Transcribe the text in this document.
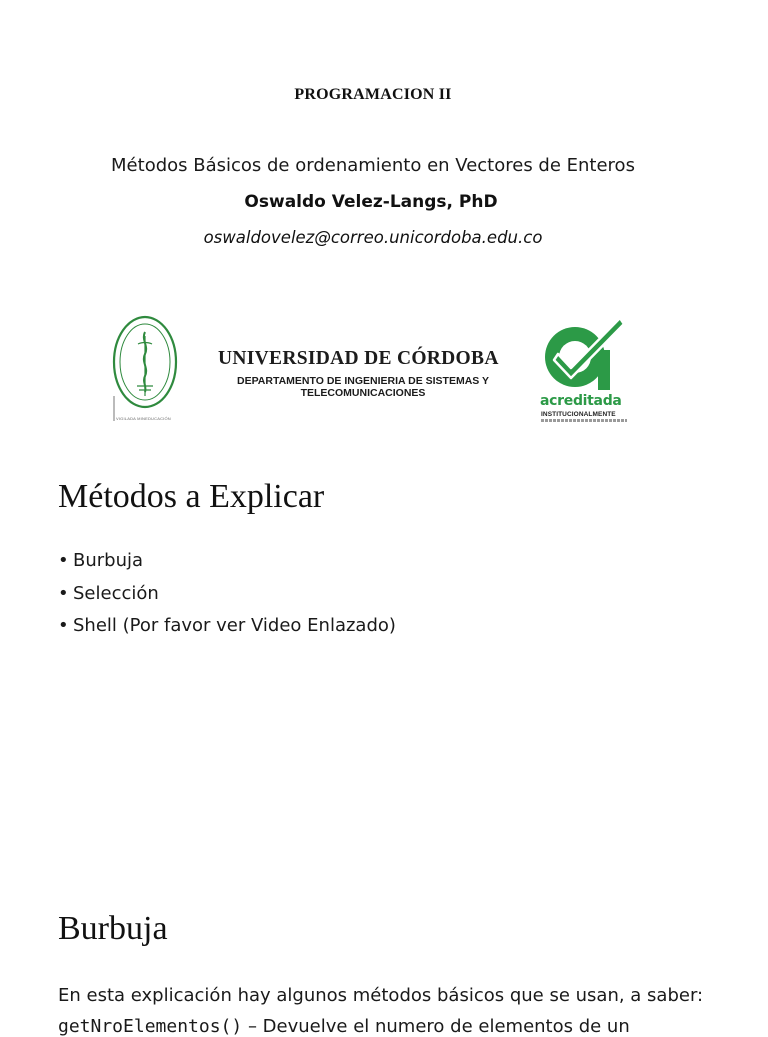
PROGRAMACION II
Métodos Básicos de ordenamiento en Vectores de Enteros
Oswaldo Velez-Langs, PhD
oswaldovelez@correo.unicordoba.edu.co
VIGILADA MINEDUCACIÓN
UNIVERSIDAD DE CÓRDOBA
DEPARTAMENTO DE INGENIERIA DE SISTEMAS Y
TELECOMUNICACIONES	acreditada
INSTITUCIONALMENTE
Métodos a Explicar
• Burbuja
• Selección
• Shell (Por favor ver Video Enlazado)
Burbuja
En esta explicación hay algunos métodos básicos que se usan, a saber:
getNroElementos() – Devuelve el numero de elementos de un
